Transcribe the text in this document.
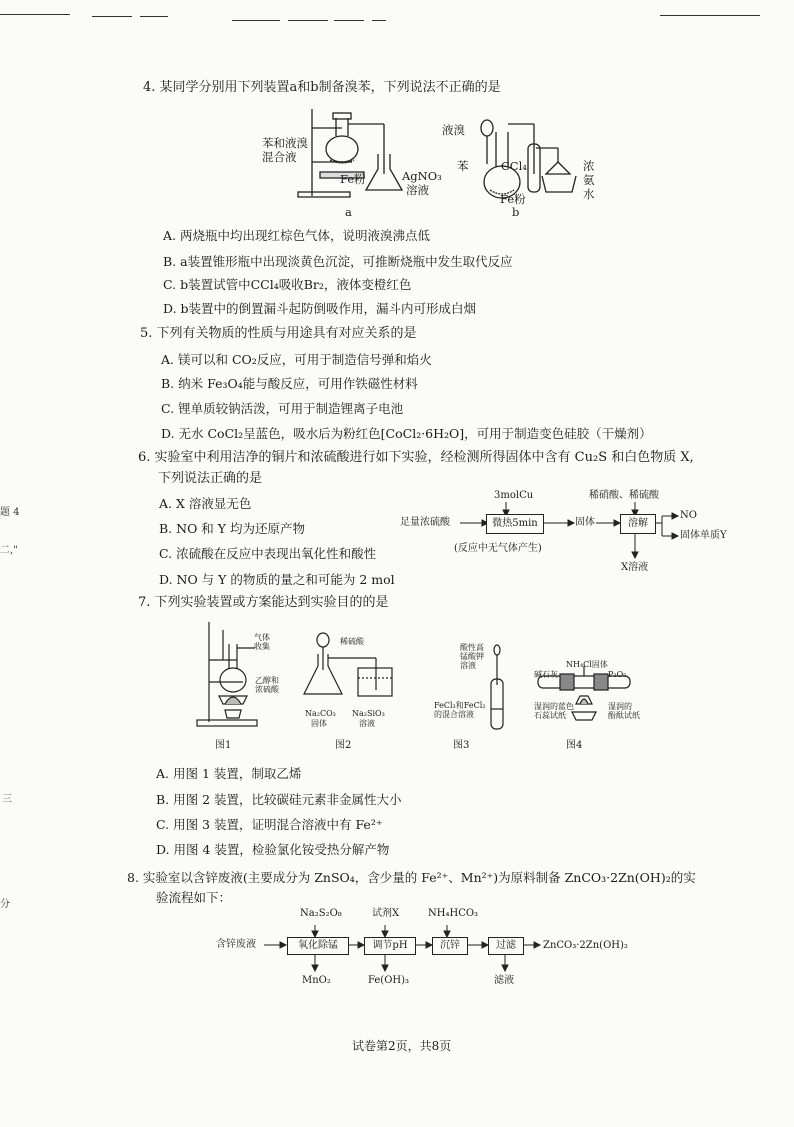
题 4
二,"
三
分
4. 某同学分别用下列装置a和b制备溴苯，下列说法不正确的是
苯和液溴
混合液
Fe粉	AgNO₃
溶液
a
液溴
苯	CCl₄
Fe粉
浓
氨
水
b
A. 两烧瓶中均出现红棕色气体，说明液溴沸点低
B. a装置锥形瓶中出现淡黄色沉淀，可推断烧瓶中发生取代反应
C. b装置试管中CCl₄吸收Br₂，液体变橙红色
D. b装置中的倒置漏斗起防倒吸作用，漏斗内可形成白烟
5. 下列有关物质的性质与用途具有对应关系的是
A. 镁可以和 CO₂反应，可用于制造信号弹和焰火
B. 纳米 Fe₃O₄能与酸反应，可用作铁磁性材料
C. 锂单质较钠活泼，可用于制造锂离子电池
D. 无水 CoCl₂呈蓝色，吸水后为粉红色[CoCl₂·6H₂O]，可用于制造变色硅胶（干燥剂）
6. 实验室中利用洁净的铜片和浓硫酸进行如下实验，经检测所得固体中含有 Cu₂S 和白色物质 X,
下列说法正确的是
A. X 溶液显无色
B. NO 和 Y 均为还原产物
C. 浓硫酸在反应中表现出氧化性和酸性
D. NO 与 Y 的物质的量之和可能为 2 mol
3molCu	稀硝酸、稀硫酸
足量浓硫酸	微热5min
(反应中无气体产生)
固体	溶解
NO
固体单质Y
X溶液
7. 下列实验装置或方案能达到实验目的的是
气体
收集
乙醇和
浓硫酸
图1
稀硫酸
Na₂CO₃
固体
Na₂SiO₃
溶液
图2
酸性高
锰酸钾
溶液
FeCl₃和FeCl₂
的混合溶液
图3
NH₄Cl固体
碱石灰	P₂O₅
湿润的蓝色
石蕊试纸
湿润的
酚酞试纸
图4
A. 用图 1 装置，制取乙烯
B. 用图 2 装置，比较碳硅元素非金属性大小
C. 用图 3 装置，证明混合溶液中有 Fe²⁺
D. 用图 4 装置，检验氯化铵受热分解产物
8. 实验室以含锌废液(主要成分为 ZnSO₄，含少量的 Fe²⁺、Mn²⁺)为原料制备 ZnCO₃·2Zn(OH)₂的实
验流程如下：
Na₂S₂O₈	试剂X	NH₄HCO₃
含锌废液	氧化除锰	调节pH	沉锌	过滤	ZnCO₃·2Zn(OH)₂
MnO₂	Fe(OH)₃	滤液
试卷第2页，共8页
